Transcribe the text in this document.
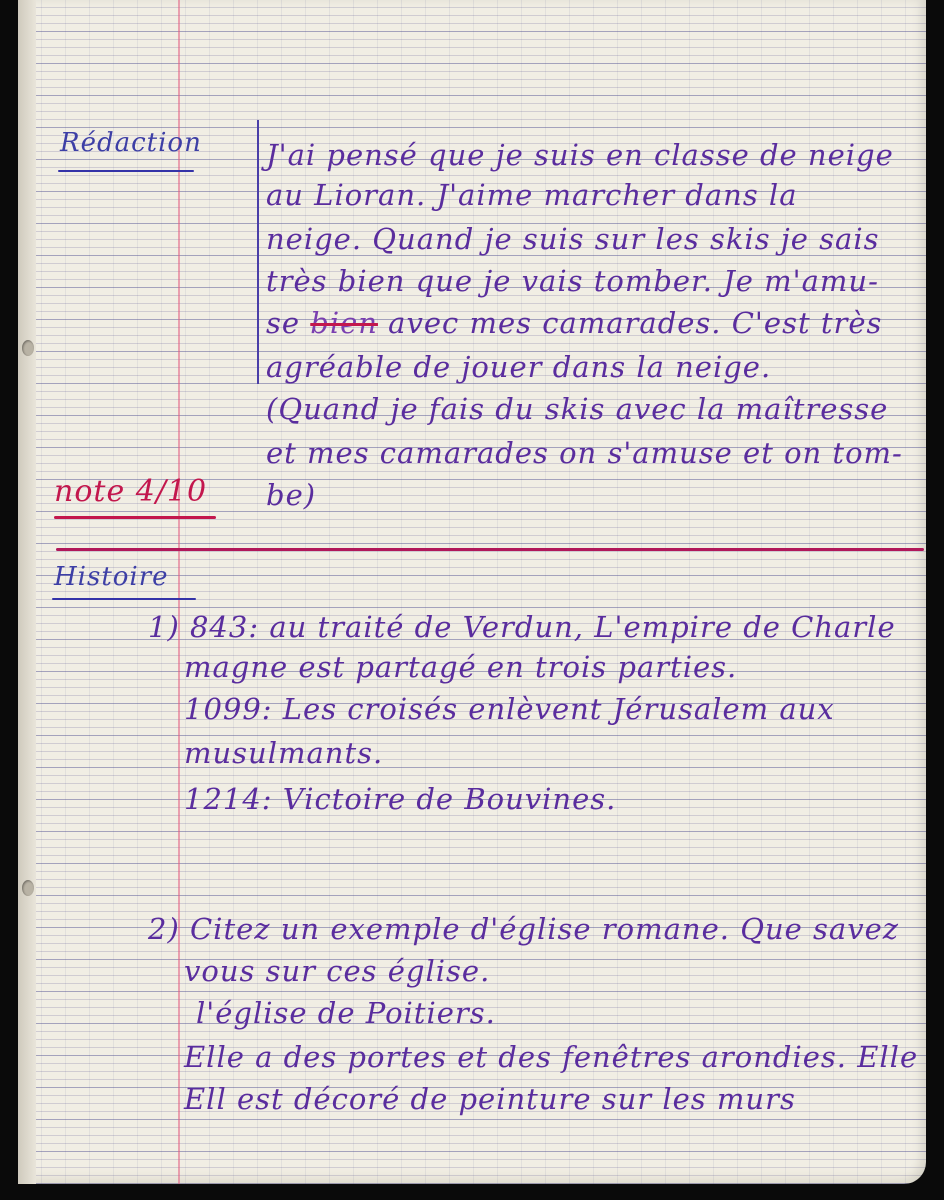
Rédaction J'ai pensé que je suis en classe de neige
au Lioran. J'aime marcher dans la
neige. Quand je suis sur les skis je sais
très bien que je vais tomber. Je m'amu-
se bien avec mes camarades. C'est très
agréable de jouer dans la neige.
(Quand je fais du skis avec la maîtresse
et mes camarades on s'amuse et on tom-
be)
note 4/10
Histoire
1) 843: au traité de Verdun, L'empire de Charle
magne est partagé en trois parties.
1099: Les croisés enlèvent Jérusalem aux
musulmants.
1214: Victoire de Bouvines.
2) Citez un exemple d'église romane. Que savez
vous sur ces église.
l'église de Poitiers.
Elle a des portes et des fenêtres arondies. Elle
Ell est décoré de peinture sur les murs
